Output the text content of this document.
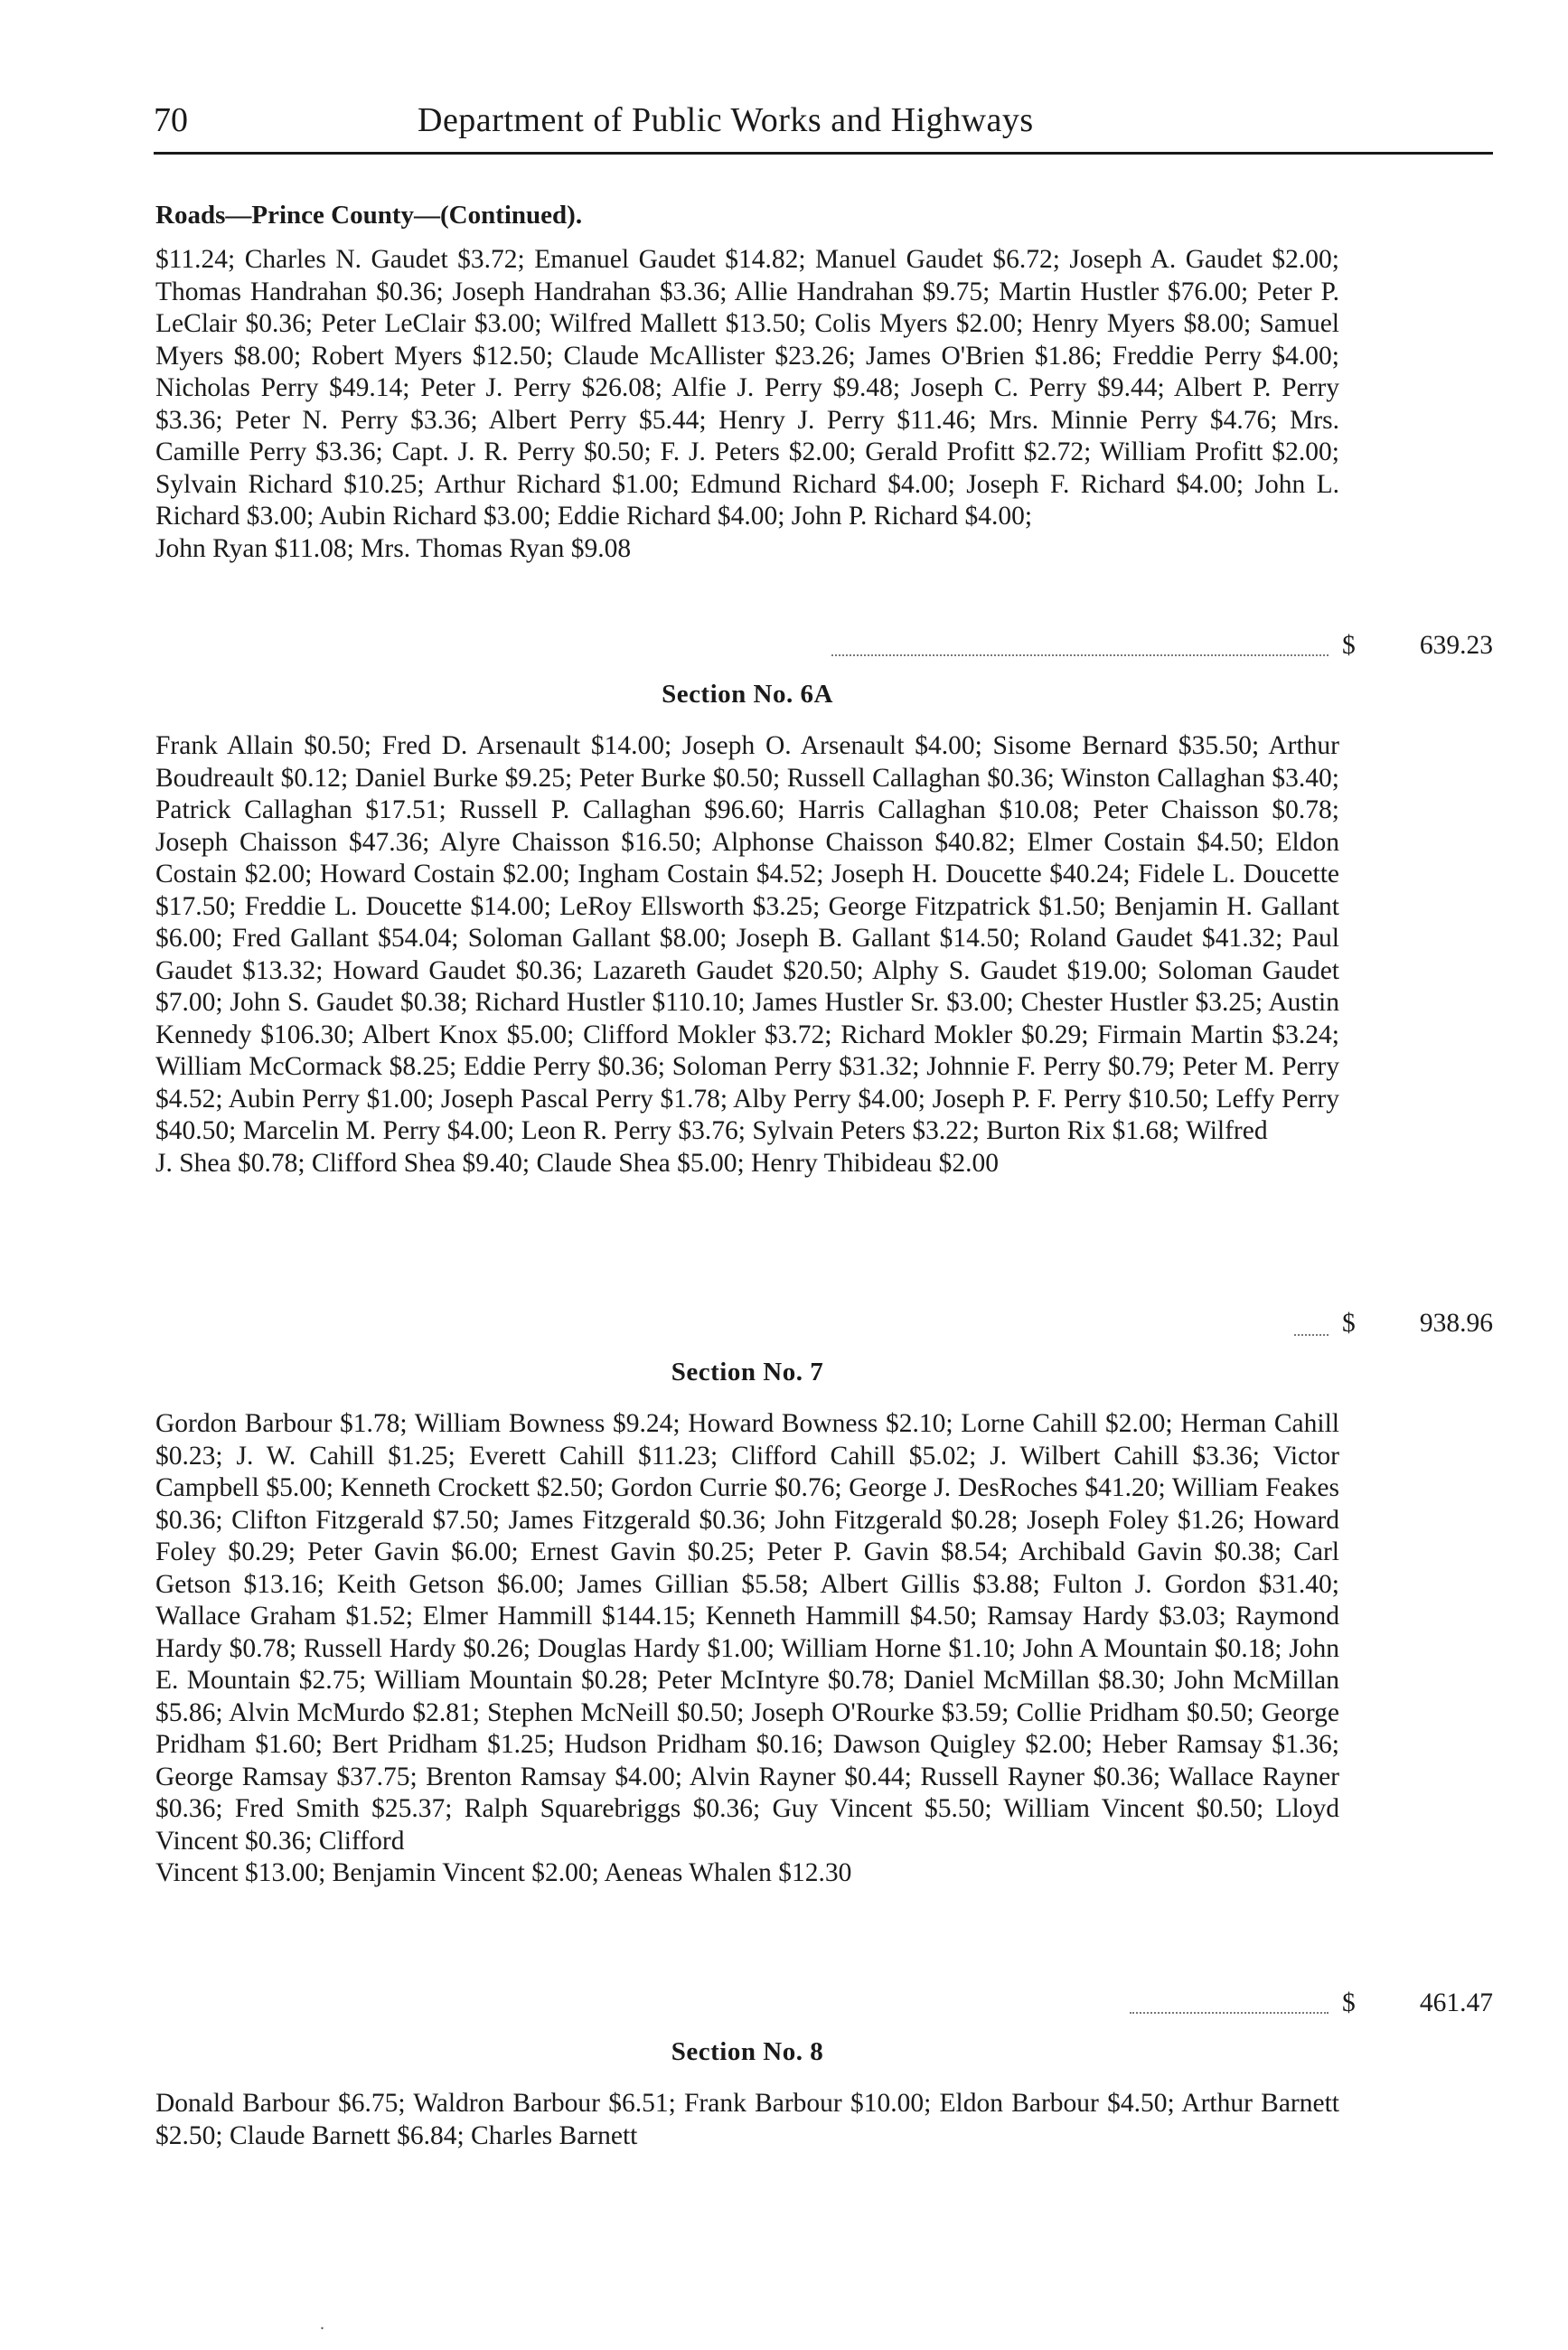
70	Department of Public Works and Highways
Roads—Prince County—(Continued).

$11.24; Charles N. Gaudet $3.72; Emanuel Gaudet $14.82; Manuel Gaudet $6.72; Joseph A. Gaudet $2.00; Thomas Handrahan $0.36; Joseph Handrahan $3.36; Allie Handrahan $9.75; Martin Hustler $76.00; Peter P. LeClair $0.36; Peter LeClair $3.00; Wilfred Mallett $13.50; Colis Myers $2.00; Henry Myers $8.00; Samuel Myers $8.00; Robert Myers $12.50; Claude McAllister $23.26; James O'Brien $1.86; Freddie Perry $4.00; Nicholas Perry $49.14; Peter J. Perry $26.08; Alfie J. Perry $9.48; Joseph C. Perry $9.44; Albert P. Perry $3.36; Peter N. Perry $3.36; Albert Perry $5.44; Henry J. Perry $11.46; Mrs. Minnie Perry $4.76; Mrs. Camille Perry $3.36; Capt. J. R. Perry $0.50; F. J. Peters $2.00; Gerald Profitt $2.72; William Profitt $2.00; Sylvain Richard $10.25; Arthur Richard $1.00; Edmund Richard $4.00; Joseph F. Richard $4.00; John L. Richard $3.00; Aubin Richard $3.00; Eddie Richard $4.00; John P. Richard $4.00;
John Ryan $11.08; Mrs. Thomas Ryan $9.08

$ 639.23
Section No. 6A

Frank Allain $0.50; Fred D. Arsenault $14.00; Joseph O. Arsenault $4.00; Sisome Bernard $35.50; Arthur Boudreault $0.12; Daniel Burke $9.25; Peter Burke $0.50; Russell Callaghan $0.36; Winston Callaghan $3.40; Patrick Callaghan $17.51; Russell P. Callaghan $96.60; Harris Callaghan $10.08; Peter Chaisson $0.78; Joseph Chaisson $47.36; Alyre Chaisson $16.50; Alphonse Chaisson $40.82; Elmer Costain $4.50; Eldon Costain $2.00; Howard Costain $2.00; Ingham Costain $4.52; Joseph H. Doucette $40.24; Fidele L. Doucette $17.50; Freddie L. Doucette $14.00; LeRoy Ellsworth $3.25; George Fitzpatrick $1.50; Benjamin H. Gallant $6.00; Fred Gallant $54.04; Soloman Gallant $8.00; Joseph B. Gallant $14.50; Roland Gaudet $41.32; Paul Gaudet $13.32; Howard Gaudet $0.36; Lazareth Gaudet $20.50; Alphy S. Gaudet $19.00; Soloman Gaudet $7.00; John S. Gaudet $0.38; Richard Hustler $110.10; James Hustler Sr. $3.00; Chester Hustler $3.25; Austin Kennedy $106.30; Albert Knox $5.00; Clifford Mokler $3.72; Richard Mokler $0.29; Firmain Martin $3.24; William McCormack $8.25; Eddie Perry $0.36; Soloman Perry $31.32; Johnnie F. Perry $0.79; Peter M. Perry $4.52; Aubin Perry $1.00; Joseph Pascal Perry $1.78; Alby Perry $4.00; Joseph P. F. Perry $10.50; Leffy Perry $40.50; Marcelin M. Perry $4.00; Leon R. Perry $3.76; Sylvain Peters $3.22; Burton Rix $1.68; Wilfred
J. Shea $0.78; Clifford Shea $9.40; Claude Shea $5.00; Henry Thibideau $2.00

$ 938.96
Section No. 7

Gordon Barbour $1.78; William Bowness $9.24; Howard Bowness $2.10; Lorne Cahill $2.00; Herman Cahill $0.23; J. W. Cahill $1.25; Everett Cahill $11.23; Clifford Cahill $5.02; J. Wilbert Cahill $3.36; Victor Campbell $5.00; Kenneth Crockett $2.50; Gordon Currie $0.76; George J. DesRoches $41.20; William Feakes $0.36; Clifton Fitzgerald $7.50; James Fitzgerald $0.36; John Fitzgerald $0.28; Joseph Foley $1.26; Howard Foley $0.29; Peter Gavin $6.00; Ernest Gavin $0.25; Peter P. Gavin $8.54; Archibald Gavin $0.38; Carl Getson $13.16; Keith Getson $6.00; James Gillian $5.58; Albert Gillis $3.88; Fulton J. Gordon $31.40; Wallace Graham $1.52; Elmer Hammill $144.15; Kenneth Hammill $4.50; Ramsay Hardy $3.03; Raymond Hardy $0.78; Russell Hardy $0.26; Douglas Hardy $1.00; William Horne $1.10; John A Mountain $0.18; John E. Mountain $2.75; William Mountain $0.28; Peter McIntyre $0.78; Daniel McMillan $8.30; John McMillan $5.86; Alvin McMurdo $2.81; Stephen McNeill $0.50; Joseph O'Rourke $3.59; Collie Pridham $0.50; George Pridham $1.60; Bert Pridham $1.25; Hudson Pridham $0.16; Dawson Quigley $2.00; Heber Ramsay $1.36; George Ramsay $37.75; Brenton Ramsay $4.00; Alvin Rayner $0.44; Russell Rayner $0.36; Wallace Rayner $0.36; Fred Smith $25.37; Ralph Squarebriggs $0.36; Guy Vincent $5.50; William Vincent $0.50; Lloyd Vincent $0.36; Clifford
Vincent $13.00; Benjamin Vincent $2.00; Aeneas Whalen $12.30

$ 461.47
Section No. 8

Donald Barbour $6.75; Waldron Barbour $6.51; Frank Barbour $10.00; Eldon Barbour $4.50; Arthur Barnett $2.50; Claude Barnett $6.84; Charles Barnett

.
